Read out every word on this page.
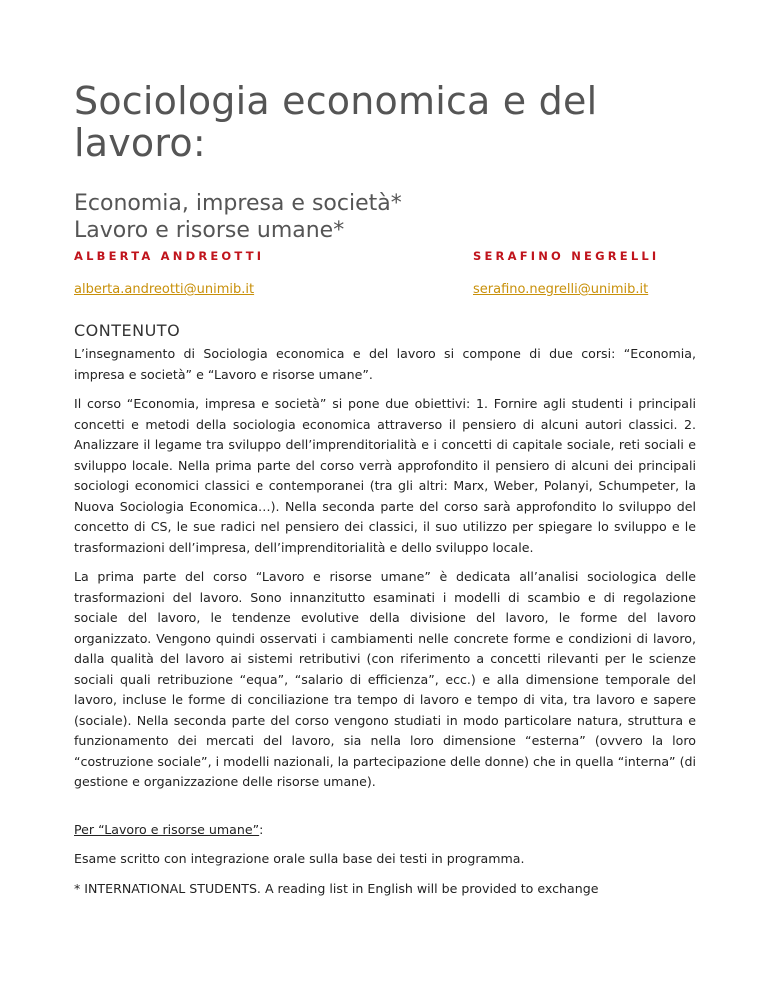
Sociologia economica e del lavoro:
Economia, impresa e società*
Lavoro e risorse umane*
ALBERTA ANDREOTTI	SERAFINO NEGRELLI
alberta.andreotti@unimib.it	serafino.negrelli@unimib.it
CONTENUTO

L’insegnamento di Sociologia economica e del lavoro si compone di due corsi: “Economia, impresa e società” e “Lavoro e risorse umane”.

Il corso “Economia, impresa e società” si pone due obiettivi: 1. Fornire agli studenti i principali concetti e metodi della sociologia economica attraverso il pensiero di alcuni autori classici. 2. Analizzare il legame tra sviluppo dell’imprenditorialità e i concetti di capitale sociale, reti sociali e sviluppo locale. Nella prima parte del corso verrà approfondito il pensiero di alcuni dei principali sociologi economici classici e contemporanei (tra gli altri: Marx, Weber, Polanyi, Schumpeter, la Nuova Sociologia Economica…). Nella seconda parte del corso sarà approfondito lo sviluppo del concetto di CS, le sue radici nel pensiero dei classici, il suo utilizzo per spiegare lo sviluppo e le trasformazioni dell’impresa, dell’imprenditorialità e dello sviluppo locale.

La prima parte del corso “Lavoro e risorse umane” è dedicata all’analisi sociologica delle trasformazioni del lavoro. Sono innanzitutto esaminati i modelli di scambio e di regolazione sociale del lavoro, le tendenze evolutive della divisione del lavoro, le forme del lavoro organizzato. Vengono quindi osservati i cambiamenti nelle concrete forme e condizioni di lavoro, dalla qualità del lavoro ai sistemi retributivi (con riferimento a concetti rilevanti per le scienze sociali quali retribuzione “equa”, “salario di efficienza”, ecc.) e alla dimensione temporale del lavoro, incluse le forme di conciliazione tra tempo di lavoro e tempo di vita, tra lavoro e sapere (sociale). Nella seconda parte del corso vengono studiati in modo particolare natura, struttura e funzionamento dei mercati del lavoro, sia nella loro dimensione “esterna” (ovvero la loro “costruzione sociale”, i modelli nazionali, la partecipazione delle donne) che in quella “interna” (di gestione e organizzazione delle risorse umane).

Per “Lavoro e risorse umane”:

Esame scritto con integrazione orale sulla base dei testi in programma.

* INTERNATIONAL STUDENTS. A reading list in English will be provided to exchange
